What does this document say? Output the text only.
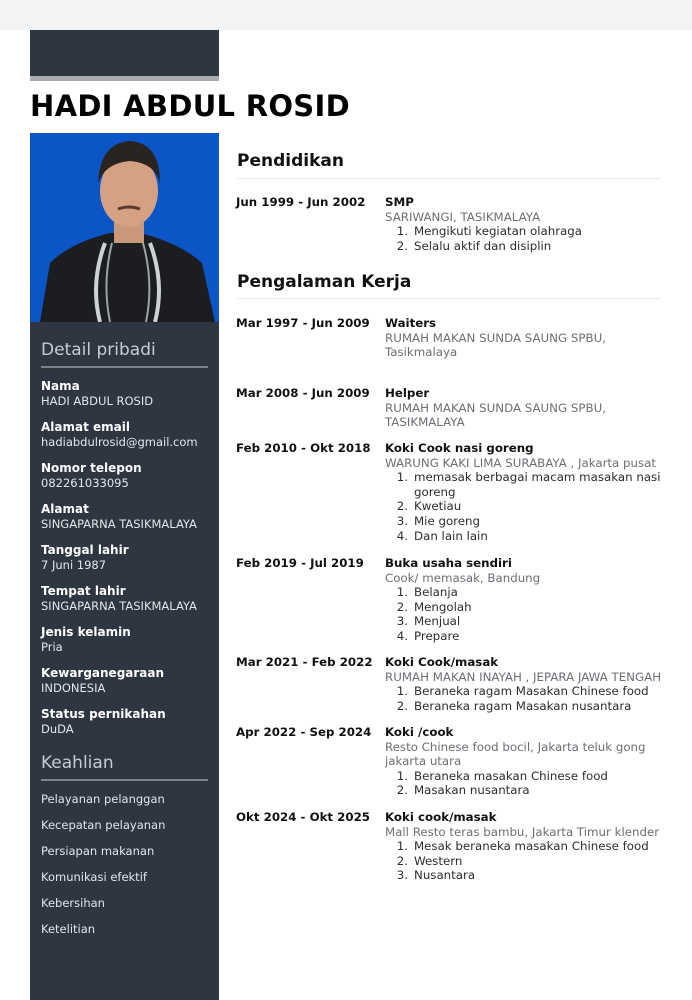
HADI ABDUL ROSID
Detail pribadi
Nama
HADI ABDUL ROSID
Alamat email
hadiabdulrosid@gmail.com
Nomor telepon
082261033095
Alamat
SINGAPARNA TASIKMALAYA
Tanggal lahir
7 Juni 1987
Tempat lahir
SINGAPARNA TASIKMALAYA
Jenis kelamin
Pria
Kewarganegaraan
INDONESIA
Status pernikahan
DuDA
Keahlian
Pelayanan pelanggan
Kecepatan pelayanan
Persiapan makanan
Komunikasi efektif
Kebersihan
Ketelitian
Pendidikan
Jun 1999 - Jun 2002 SMP
SARIWANGI, TASIKMALAYA
1. Mengikuti kegiatan olahraga
2. Selalu aktif dan disiplin
Pengalaman Kerja
Mar 1997 - Jun 2009 Waiters
RUMAH MAKAN SUNDA SAUNG SPBU, Tasikmalaya
Mar 2008 - Jun 2009 Helper
RUMAH MAKAN SUNDA SAUNG SPBU, TASIKMALAYA
Feb 2010 - Okt 2018 Koki Cook nasi goreng
WARUNG KAKI LIMA SURABAYA , Jakarta pusat
1. memasak berbagai macam masakan nasi goreng
2. Kwetiau
3. Mie goreng
4. Dan lain lain
Feb 2019 - Jul 2019 Buka usaha sendiri
Cook/ memasak, Bandung
1. Belanja
2. Mengolah
3. Menjual
4. Prepare
Mar 2021 - Feb 2022 Koki Cook/masak
RUMAH MAKAN INAYAH , JEPARA JAWA TENGAH
1. Beraneka ragam Masakan Chinese food
2. Beraneka ragam Masakan nusantara
Apr 2022 - Sep 2024 Koki /cook
Resto Chinese food bocil, Jakarta teluk gong jakarta utara
1. Beraneka masakan Chinese food
2. Masakan nusantara
Okt 2024 - Okt 2025 Koki cook/masak
Mall Resto teras bambu, Jakarta Timur klender
1. Mesak beraneka masakan Chinese food
2. Western
3. Nusantara
